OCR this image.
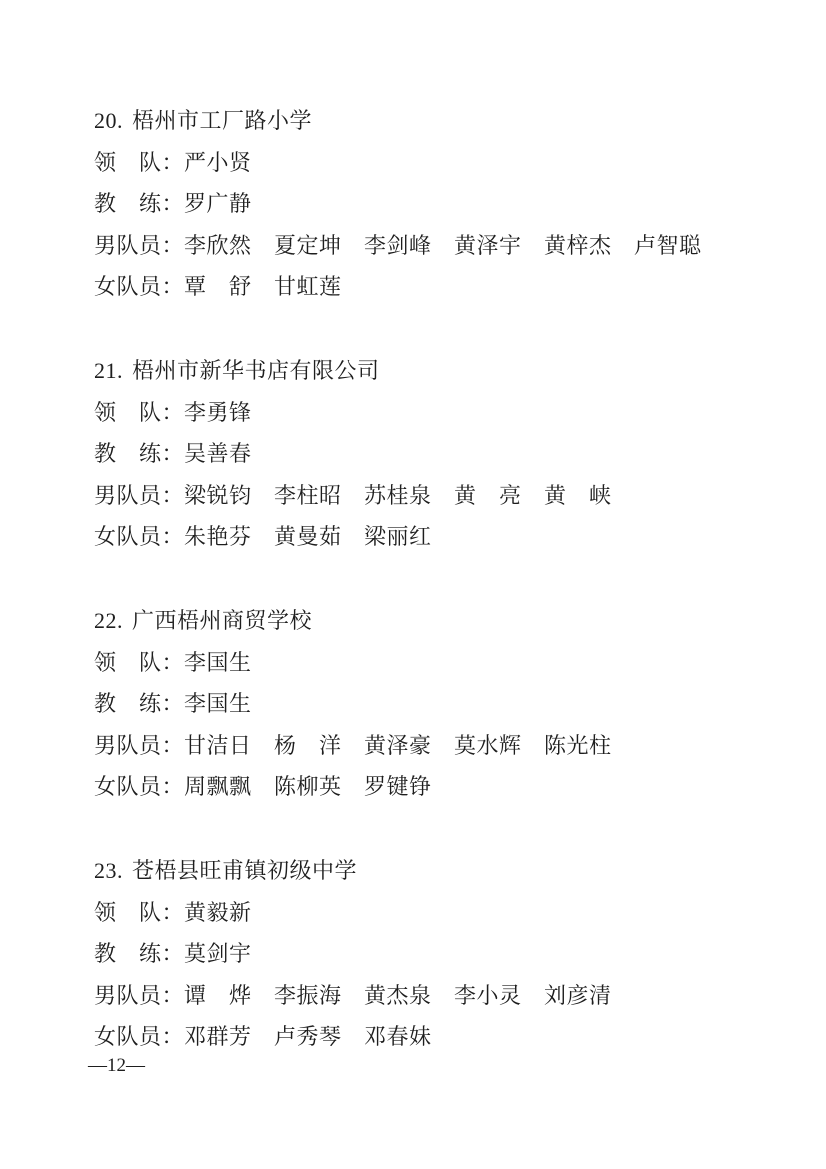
20. 梧州市工厂路小学
领　队：严小贤
教　练：罗广静
男队员：李欣然　夏定坤　李剑峰　黄泽宇　黄梓杰　卢智聪
女队员：覃　舒　甘虹莲
21. 梧州市新华书店有限公司
领　队：李勇锋
教　练：吴善春
男队员：梁锐钧　李柱昭　苏桂泉　黄　亮　黄　峡
女队员：朱艳芬　黄曼茹　梁丽红
22. 广西梧州商贸学校
领　队：李国生
教　练：李国生
男队员：甘洁日　杨　洋　黄泽豪　莫水辉　陈光柱
女队员：周飘飘　陈柳英　罗键铮
23. 苍梧县旺甫镇初级中学
领　队：黄毅新
教　练：莫剑宇
男队员：谭　烨　李振海　黄杰泉　李小灵　刘彦清
女队员：邓群芳　卢秀琴　邓春妹
—12—
